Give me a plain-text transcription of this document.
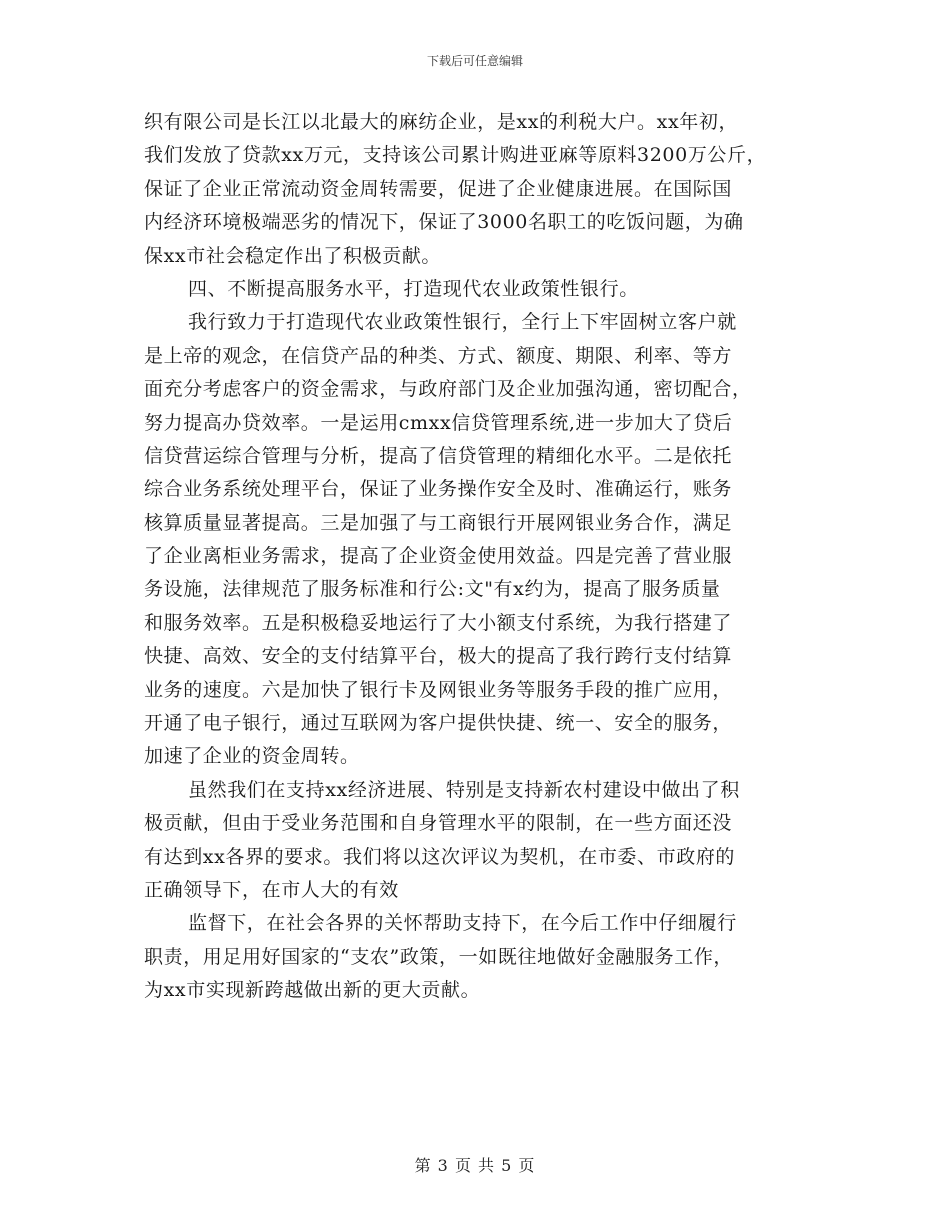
下载后可任意编辑
织有限公司是长江以北最大的麻纺企业，是xx的利税大户。xx年初，
我们发放了贷款xx万元，支持该公司累计购进亚麻等原料3200万公斤，
保证了企业正常流动资金周转需要，促进了企业健康进展。在国际国
内经济环境极端恶劣的情况下，保证了3000名职工的吃饭问题，为确
保xx市社会稳定作出了积极贡献。
四、不断提高服务水平，打造现代农业政策性银行。
我行致力于打造现代农业政策性银行，全行上下牢固树立客户就
是上帝的观念，在信贷产品的种类、方式、额度、期限、利率、等方
面充分考虑客户的资金需求，与政府部门及企业加强沟通，密切配合，
努力提高办贷效率。一是运用cmxx信贷管理系统,进一步加大了贷后
信贷营运综合管理与分析，提高了信贷管理的精细化水平。二是依托
综合业务系统处理平台，保证了业务操作安全及时、准确运行，账务
核算质量显著提高。三是加强了与工商银行开展网银业务合作，满足
了企业离柜业务需求，提高了企业资金使用效益。四是完善了营业服
务设施，法律规范了服务标准和行公:文"有x约为，提高了服务质量
和服务效率。五是积极稳妥地运行了大小额支付系统，为我行搭建了
快捷、高效、安全的支付结算平台，极大的提高了我行跨行支付结算
业务的速度。六是加快了银行卡及网银业务等服务手段的推广应用，
开通了电子银行，通过互联网为客户提供快捷、统一、安全的服务，
加速了企业的资金周转。
虽然我们在支持xx经济进展、特别是支持新农村建设中做出了积
极贡献，但由于受业务范围和自身管理水平的限制，在一些方面还没
有达到xx各界的要求。我们将以这次评议为契机，在市委、市政府的
正确领导下，在市人大的有效
监督下，在社会各界的关怀帮助支持下，在今后工作中仔细履行
职责，用足用好国家的“支农”政策，一如既往地做好金融服务工作，
为xx市实现新跨越做出新的更大贡献。
第 3 页 共 5 页
